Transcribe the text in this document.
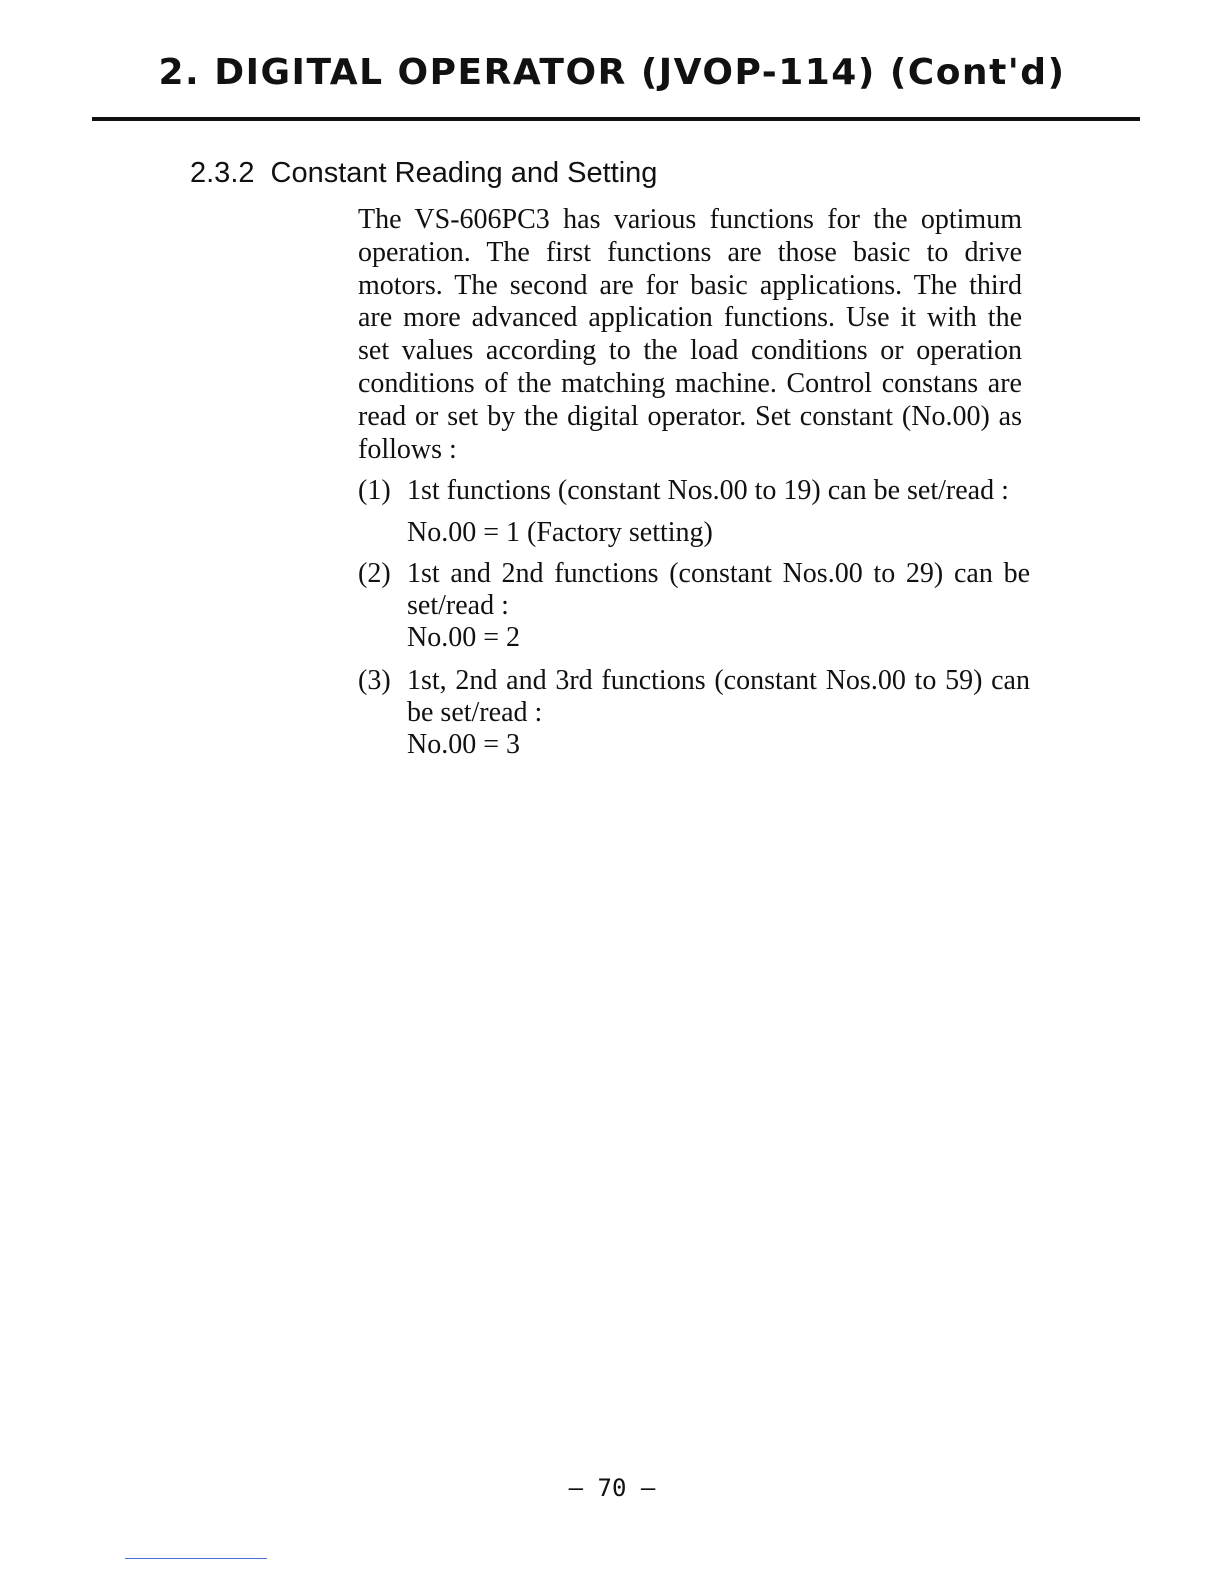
2. DIGITAL OPERATOR (JVOP-114) (Cont'd)
2.3.2 Constant Reading and Setting

The VS-606PC3 has various functions for the optimum operation. The first functions are those basic to drive motors. The second are for basic applications. The third are more advanced application functions. Use it with the set values according to the load conditions or operation conditions of the matching machine. Control constans are read or set by the digital operator. Set constant (No.00) as follows :

(1) 1st functions (constant Nos.00 to 19) can be set/read :
No.00 = 1 (Factory setting)
(2) 1st and 2nd functions (constant Nos.00 to 29) can be set/read :
No.00 = 2
(3) 1st, 2nd and 3rd functions (constant Nos.00 to 59) can be set/read :
No.00 = 3
– 70 –
